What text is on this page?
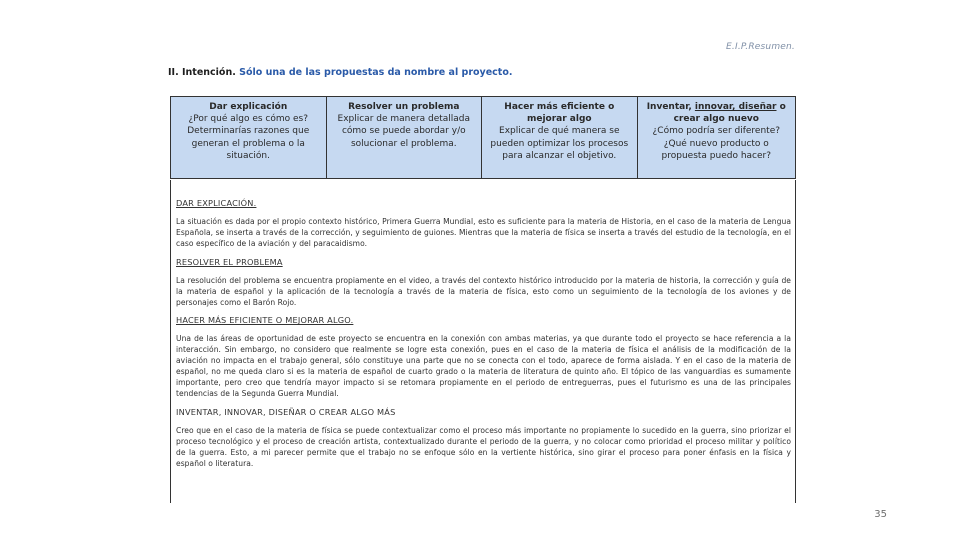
E.I.P.Resumen.
II. Intención. Sólo una de las propuestas da nombre al proyecto.
Dar explicación
¿Por qué algo es cómo es? Determinarías razones que generan el problema o la situación.
Resolver un problema
Explicar de manera detallada cómo se puede abordar y/o solucionar el problema.
Hacer más eficiente o mejorar algo
Explicar de qué manera se pueden optimizar los procesos para alcanzar el objetivo.
Inventar, innovar, diseñar o crear algo nuevo
¿Cómo podría ser diferente? ¿Qué nuevo producto o propuesta puedo hacer?
DAR EXPLICACIÓN.
La situación es dada por el propio contexto histórico, Primera Guerra Mundial, esto es suficiente para la materia de Historia, en el caso de la materia de Lengua Española, se inserta a través de la corrección, y seguimiento de guiones. Mientras que la materia de física se inserta a través del estudio de la tecnología, en el caso específico de la aviación y del paracaidismo.
RESOLVER EL PROBLEMA
La resolución del problema se encuentra propiamente en el video, a través del contexto histórico introducido por la materia de historia, la corrección y guía de la materia de español y la aplicación de la tecnología a través de la materia de física, esto como un seguimiento de la tecnología de los aviones y de personajes como el Barón Rojo.
HACER MÁS EFICIENTE O MEJORAR ALGO.
Una de las áreas de oportunidad de este proyecto se encuentra en la conexión con ambas materias, ya que durante todo el proyecto se hace referencia a la interacción. Sin embargo, no considero que realmente se logre esta conexión, pues en el caso de la materia de física el análisis de la modificación de la aviación no impacta en el trabajo general, sólo constituye una parte que no se conecta con el todo, aparece de forma aislada. Y en el caso de la materia de español, no me queda claro si es la materia de español de cuarto grado o la materia de literatura de quinto año. El tópico de las vanguardias es sumamente importante, pero creo que tendría mayor impacto si se retomara propiamente en el periodo de entreguerras, pues el futurismo es una de las principales tendencias de la Segunda Guerra Mundial.
INVENTAR, INNOVAR, DISEÑAR O CREAR ALGO MÁS
Creo que en el caso de la materia de física se puede contextualizar como el proceso más importante no propiamente lo sucedido en la guerra, sino priorizar el proceso tecnológico y el proceso de creación artista, contextualizado durante el periodo de la guerra, y no colocar como prioridad el proceso militar y político de la guerra. Esto, a mi parecer permite que el trabajo no se enfoque sólo en la vertiente histórica, sino girar el proceso para poner énfasis en la física y español o literatura.
35
